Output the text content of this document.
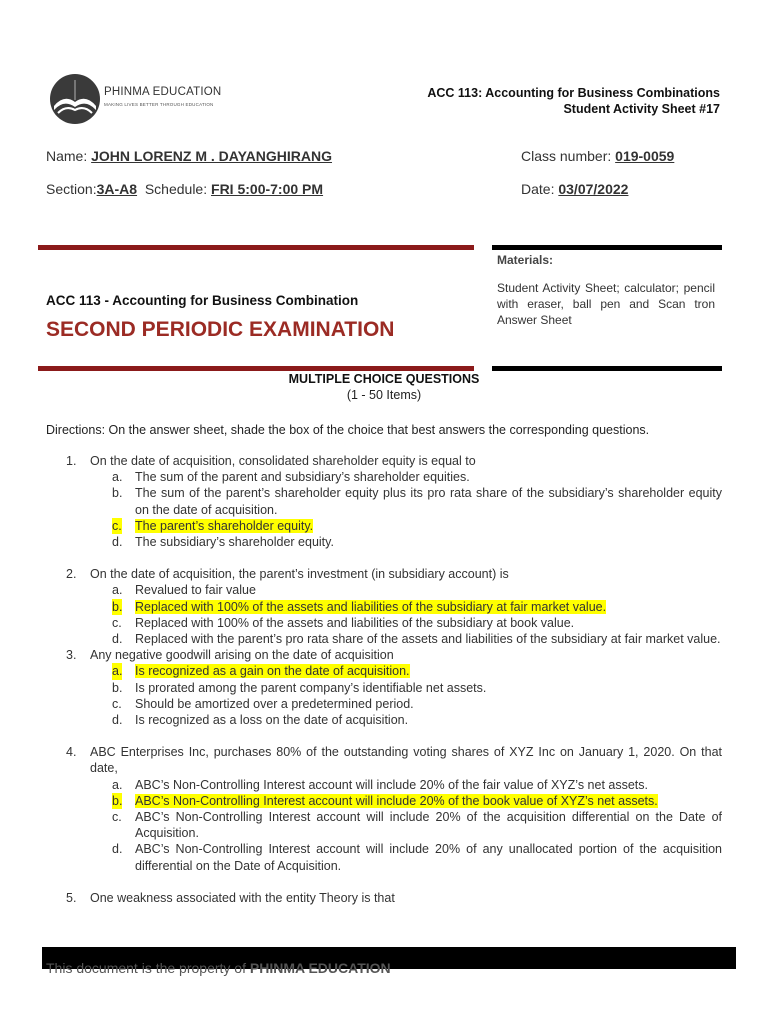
PHINMA EDUCATION
MAKING LIVES BETTER THROUGH EDUCATION
ACC 113: Accounting for Business Combinations
Student Activity Sheet #17
Name: JOHN LORENZ M . DAYANGHIRANG	Class number: 019-0059
Section:3A-A8 Schedule: FRI 5:00-7:00 PM	Date: 03/07/2022
Materials:
Student Activity Sheet; calculator; pencil with eraser, ball pen and Scan tron Answer Sheet
ACC 113 - Accounting for Business Combination
SECOND PERIODIC EXAMINATION
MULTIPLE CHOICE QUESTIONS
(1 - 50 Items)
Directions: On the answer sheet, shade the box of the choice that best answers the corresponding questions.
1.	On the date of acquisition, consolidated shareholder equity is equal to
a. The sum of the parent and subsidiary’s shareholder equities.
b. The sum of the parent’s shareholder equity plus its pro rata share of the subsidiary’s shareholder equity on the date of acquisition.
c. The parent’s shareholder equity.
d. The subsidiary’s shareholder equity.
2.	On the date of acquisition, the parent’s investment (in subsidiary account) is
a. Revalued to fair value
b. Replaced with 100% of the assets and liabilities of the subsidiary at fair market value.
c. Replaced with 100% of the assets and liabilities of the subsidiary at book value.
d. Replaced with the parent’s pro rata share of the assets and liabilities of the subsidiary at fair market value.
3.	Any negative goodwill arising on the date of acquisition
a. Is recognized as a gain on the date of acquisition.
b. Is prorated among the parent company’s identifiable net assets.
c. Should be amortized over a predetermined period.
d. Is recognized as a loss on the date of acquisition.
4.	ABC Enterprises Inc, purchases 80% of the outstanding voting shares of XYZ Inc on January 1, 2020. On that date,
a. ABC’s Non-Controlling Interest account will include 20% of the fair value of XYZ’s net assets.
b. ABC’s Non-Controlling Interest account will include 20% of the book value of XYZ’s net assets.
c. ABC’s Non-Controlling Interest account will include 20% of the acquisition differential on the Date of Acquisition.
d. ABC’s Non-Controlling Interest account will include 20% of any unallocated portion of the acquisition differential on the Date of Acquisition.
5.	One weakness associated with the entity Theory is that
This document is the property of PHINMA EDUCATION
